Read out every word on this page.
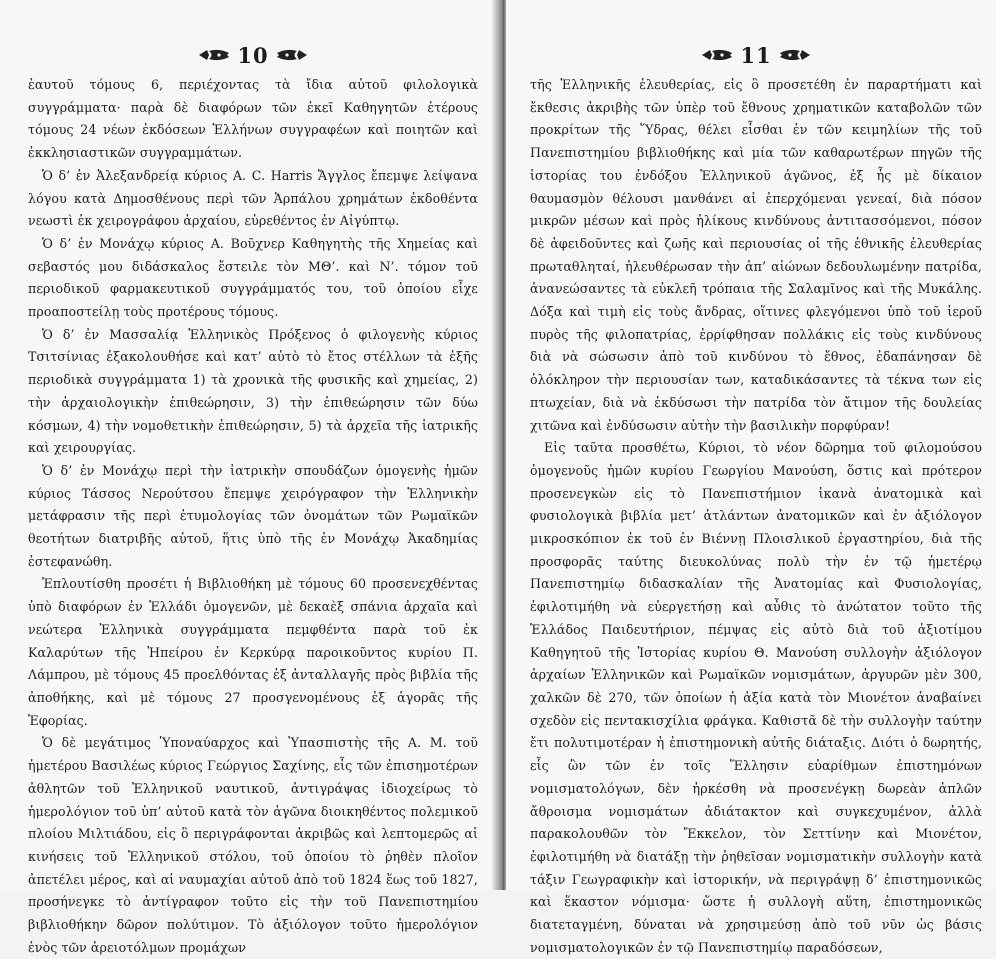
10

ἑαυτοῦ τόμους 6, περιέχοντας τὰ ἴδια αὐτοῦ φιλολογικὰ συγγράμματα· παρὰ δὲ διαφόρων τῶν ἐκεῖ Καθηγητῶν ἑτέρους τόμους 24 νέων ἐκδόσεων Ἑλλήνων συγγραφέων καὶ ποιητῶν καὶ ἐκκλησιαστικῶν συγγραμμάτων.

Ὁ δ’ ἐν Ἀλεξανδρείᾳ κύριος A. C. Harris Ἄγγλος ἔπεμψε λείψανα λόγου κατὰ Δημοσθένους περὶ τῶν Ἁρπάλου χρημάτων ἐκδοθέντα νεωστὶ ἐκ χειρογράφου ἀρχαίου, εὑρεθέντος ἐν Αἰγύπτῳ.

Ὁ δ’ ἐν Μονάχῳ κύριος Α. Βοῦχνερ Καθηγητὴς τῆς Χημείας καὶ σεβαστός μου διδάσκαλος ἔστειλε τὸν ΜΘ’. καὶ Ν’. τόμον τοῦ περιοδικοῦ φαρμακευτικοῦ συγγράμματός του, τοῦ ὁποίου εἶχε προαποστείλῃ τοὺς προτέρους τόμους.

Ὁ δ’ ἐν Μασσαλίᾳ Ἑλληνικὸς Πρόξενος ὁ φιλογενὴς κύριος Τσιτσίνιας ἐξακολουθήσε καὶ κατ’ αὐτὸ τὸ ἔτος στέλλων τὰ ἑξῆς περιοδικὰ συγγράμματα 1) τὰ χρονικὰ τῆς φυσικῆς καὶ χημείας, 2) τὴν ἀρχαιολογικὴν ἐπιθεώρησιν, 3) τὴν ἐπιθεώρησιν τῶν δύω κόσμων, 4) τὴν νομοθετικὴν ἐπιθεώρησιν, 5) τὰ ἀρχεῖα τῆς ἰατρικῆς καὶ χειρουργίας.

Ὁ δ’ ἐν Μονάχῳ περὶ τὴν ἰατρικὴν σπουδάζων ὁμογενὴς ἡμῶν κύριος Τάσσος Νερούτσου ἔπεμψε χειρόγραφον τὴν Ἑλληνικὴν μετάφρασιν τῆς περὶ ἐτυμολογίας τῶν ὀνομάτων τῶν Ρωμαϊκῶν θεοτήτων διατριβῆς αὐτοῦ, ἥτις ὑπὸ τῆς ἐν Μονάχῳ Ἀκαδημίας ἐστεφανώθη.

Ἐπλουτίσθη προσέτι ἡ Βιβλιοθήκη μὲ τόμους 60 προσενεχθέντας ὑπὸ διαφόρων ἐν Ἑλλάδι ὁμογενῶν, μὲ δεκαὲξ σπάνια ἀρχαῖα καὶ νεώτερα Ἑλληνικὰ συγγράμματα πεμφθέντα παρὰ τοῦ ἐκ Καλαρύτων τῆς Ἠπείρου ἐν Κερκύρᾳ παροικοῦντος κυρίου Π. Λάμπρου, μὲ τόμους 45 προελθόντας ἐξ ἀνταλλαγῆς πρὸς βιβλία τῆς ἀποθήκης, καὶ μὲ τόμους 27 προσγενομένους ἐξ ἀγορᾶς τῆς Ἐφορίας.

Ὁ δὲ μεγάτιμος Ὑποναύαρχος καὶ Ὑπασπιστὴς τῆς Α. Μ. τοῦ ἡμετέρου Βασιλέως κύριος Γεώργιος Σαχίνης, εἷς τῶν ἐπισημοτέρων ἀθλητῶν τοῦ Ἑλληνικοῦ ναυτικοῦ, ἀντιγράψας ἰδιοχείρως τὸ ἡμερολόγιον τοῦ ὑπ’ αὐτοῦ κατὰ τὸν ἀγῶνα διοικηθέντος πολεμικοῦ πλοίου Μιλτιάδου, εἰς ὃ περιγράφονται ἀκριβῶς καὶ λεπτομερῶς αἱ κινήσεις τοῦ Ἑλληνικοῦ στόλου, τοῦ ὁποίου τὸ ῥηθὲν πλοῖον ἀπετέλει μέρος, καὶ αἱ ναυμαχίαι αὐτοῦ ἀπὸ τοῦ 1824 ἕως τοῦ 1827, προσήνεγκε τὸ ἀντίγραφον τοῦτο εἰς τὴν τοῦ Πανεπιστημίου βιβλιοθήκην δῶρον πολύτιμον. Τὸ ἀξιόλογον τοῦτο ἡμερολόγιον ἑνὸς τῶν ἀρειοτόλμων προμάχων

11

τῆς Ἑλληνικῆς ἐλευθερίας, εἰς ὃ προσετέθη ἐν παραρτήματι καὶ ἔκθεσις ἀκριβὴς τῶν ὑπὲρ τοῦ ἔθνους χρηματικῶν καταβολῶν τῶν προκρίτων τῆς Ὕδρας, θέλει εἶσθαι ἐν τῶν κειμηλίων τῆς τοῦ Πανεπιστημίου βιβλιοθήκης καὶ μία τῶν καθαρωτέρων πηγῶν τῆς ἱστορίας του ἐνδόξου Ἑλληνικοῦ ἀγῶνος, ἐξ ἧς μὲ δίκαιον θαυμασμὸν θέλουσι μανθάνει αἱ ἐπερχόμεναι γενεαί, διὰ πόσον μικρῶν μέσων καὶ πρὸς ἡλίκους κινδύνους ἀντιτασσόμενοι, πόσον δὲ ἀφειδοῦντες καὶ ζωῆς καὶ περιουσίας οἱ τῆς ἐθνικῆς ἐλευθερίας πρωταθληταί, ἠλευθέρωσαν τὴν ἀπ’ αἰώνων δεδουλωμένην πατρίδα, ἀνανεώσαντες τὰ εὐκλεῆ τρόπαια τῆς Σαλαμῖνος καὶ τῆς Μυκάλης. Δόξα καὶ τιμὴ εἰς τοὺς ἄνδρας, οἵτινες φλεγόμενοι ὑπὸ τοῦ ἱεροῦ πυρὸς τῆς φιλοπατρίας, ἐρρίφθησαν πολλάκις εἰς τοὺς κινδύνους διὰ νὰ σώσωσιν ἀπὸ τοῦ κινδύνου τὸ ἔθνος, ἐδαπάνησαν δὲ ὁλόκληρον τὴν περιουσίαν των, καταδικάσαντες τὰ τέκνα των εἰς πτωχείαν, διὰ νὰ ἐκδύσωσι τὴν πατρίδα τὸν ἄτιμον τῆς δουλείας χιτῶνα καὶ ἐνδύσωσιν αὐτὴν τὴν βασιλικὴν πορφύραν!

Εἰς ταῦτα προσθέτω, Κύριοι, τὸ νέον δῶρημα τοῦ φιλομούσου ὁμογενοῦς ἡμῶν κυρίου Γεωργίου Μανούση, ὅστις καὶ πρότερον προσενεγκὼν εἰς τὸ Πανεπιστήμιον ἱκανὰ ἀνατομικὰ καὶ φυσιολογικὰ βιβλία μετ’ ἀτλάντων ἀνατομικῶν καὶ ἐν ἀξιόλογον μικροσκόπιον ἐκ τοῦ ἐν Βιέννῃ Πλοισλικοῦ ἐργαστηρίου, διὰ τῆς προσφορᾶς ταύτης διευκολύνας πολὺ τὴν ἐν τῷ ἡμετέρῳ Πανεπιστημίῳ διδασκαλίαν τῆς Ἀνατομίας καὶ Φυσιολογίας, ἐφιλοτιμήθη νὰ εὐεργετήσῃ καὶ αὖθις τὸ ἀνώτατον τοῦτο τῆς Ἑλλάδος Παιδευτήριον, πέμψας εἰς αὐτὸ διὰ τοῦ ἀξιοτίμου Καθηγητοῦ τῆς Ἱστορίας κυρίου Θ. Μανούση συλλογὴν ἀξιόλογον ἀρχαίων Ἑλληνικῶν καὶ Ρωμαϊκῶν νομισμάτων, ἀργυρῶν μὲν 300, χαλκῶν δὲ 270, τῶν ὁποίων ἡ ἀξία κατὰ τὸν Μιονέτον ἀναβαίνει σχεδὸν εἰς πεντακισχίλια φράγκα. Καθιστᾶ δὲ τὴν συλλογὴν ταύτην ἔτι πολυτιμοτέραν ἡ ἐπιστημονικὴ αὐτῆς διάταξις. Διότι ὁ δωρητής, εἷς ὢν τῶν ἐν τοῖς Ἕλλησιν εὐαρίθμων ἐπιστημόνων νομισματολόγων, δὲν ἠρκέσθη νὰ προσενέγκῃ δωρεὰν ἁπλῶν ἄθροισμα νομισμάτων ἀδιάτακτον καὶ συγκεχυμένον, ἀλλὰ παρακολουθῶν τὸν Ἔκκελον, τὸν Σεττίνην καὶ Μιονέτον, ἐφιλοτιμήθη νὰ διατάξῃ τὴν ῥηθεῖσαν νομισματικὴν συλλογὴν κατὰ τάξιν Γεωγραφικὴν καὶ ἱστορικήν, νὰ περιγράψῃ δ’ ἐπιστημονικῶς καὶ ἕκαστον νόμισμα· ὥστε ἡ συλλογὴ αὕτη, ἐπιστημονικῶς διατεταγμένη, δύναται νὰ χρησιμεύσῃ ἀπὸ τοῦ νῦν ὡς βάσις νομισματολογικῶν ἐν τῷ Πανεπιστημίῳ παραδόσεων,
